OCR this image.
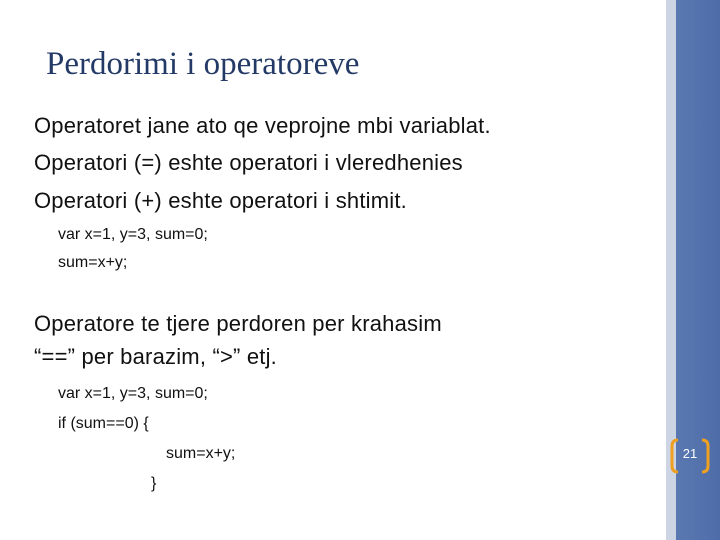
Perdorimi i operatoreve
Operatoret jane ato qe veprojne mbi variablat.
Operatori (=) eshte operatori i vleredhenies
Operatori (+) eshte operatori i shtimit.
var x=1, y=3, sum=0;
sum=x+y;
Operatore te tjere perdoren per krahasim
“==” per barazim, “>” etj.
var x=1, y=3, sum=0;
if (sum==0) {
sum=x+y;
}
21
